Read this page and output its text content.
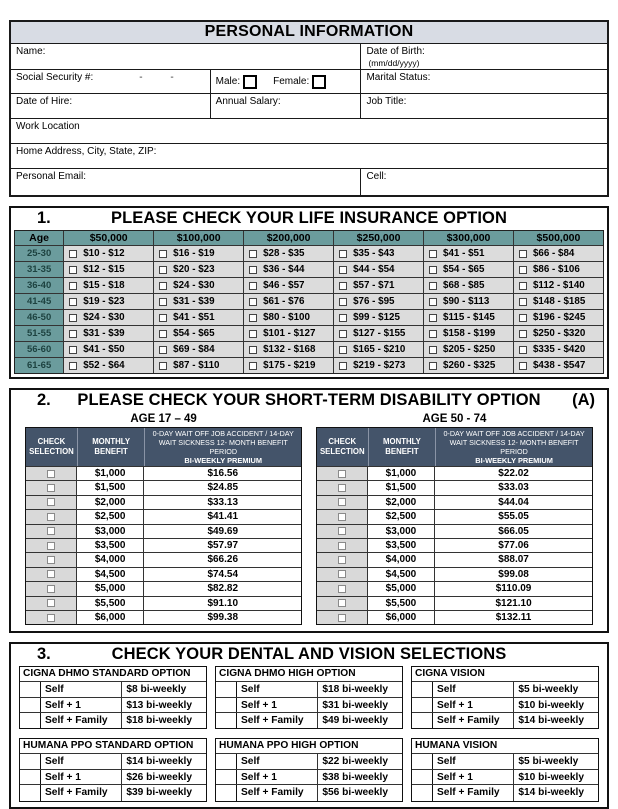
PERSONAL INFORMATION
Name:	Date of Birth:
(mm/dd/yyyy)
Social Security #:	-          -	Male:	Female:	Marital Status:
Date of Hire:	Annual Salary:	Job Title:
Work Location
Home Address, City, State, ZIP:
Personal Email:	Cell:
1.	PLEASE CHECK YOUR LIFE INSURANCE OPTION
Age	$50,000	$100,000	$200,000	$250,000	$300,000	$500,000
25-30	$10 - $12	$16 - $19	$28 - $35	$35 - $43	$41 - $51	$66 - $84
31-35	$12 - $15	$20 - $23	$36 - $44	$44 - $54	$54 - $65	$86 - $106
36-40	$15 - $18	$24 - $30	$46 - $57	$57 - $71	$68 - $85	$112 - $140
41-45	$19 - $23	$31 - $39	$61 - $76	$76 - $95	$90 - $113	$148 - $185
46-50	$24 - $30	$41 - $51	$80 - $100	$99 - $125	$115 - $145	$196 - $245
51-55	$31 - $39	$54 - $65	$101 - $127	$127 - $155	$158 - $199	$250 - $320
56-60	$41 - $50	$69 - $84	$132 - $168	$165 - $210	$205 - $250	$335 - $420
61-65	$52 - $64	$87 - $110	$175 - $219	$219 - $273	$260 - $325	$438 - $547
2.	PLEASE CHECK YOUR SHORT-TERM DISABILITY OPTION	(A)
AGE 17 – 49
CHECK SELECTION
MONTHLY BENEFIT
0-DAY WAIT OFF JOB ACCIDENT / 14-DAY WAIT SICKNESS 12- MONTH BENEFIT PERIOD
BI-WEEKLY PREMIUM
$1,000	$16.56
$1,500	$24.85
$2,000	$33.13
$2,500	$41.41
$3,000	$49.69
$3,500	$57.97
$4,000	$66.26
$4,500	$74.54
$5,000	$82.82
$5,500	$91.10
$6,000	$99.38
AGE 50 - 74
CHECK SELECTION
MONTHLY BENEFIT
0-DAY WAIT OFF JOB ACCIDENT / 14-DAY WAIT SICKNESS 12- MONTH BENEFIT PERIOD
BI-WEEKLY PREMIUM
$1,000	$22.02
$1,500	$33.03
$2,000	$44.04
$2,500	$55.05
$3,000	$66.05
$3,500	$77.06
$4,000	$88.07
$4,500	$99.08
$5,000	$110.09
$5,500	$121.10
$6,000	$132.11
3.	CHECK YOUR DENTAL AND VISION SELECTIONS
CIGNA DHMO STANDARD OPTION
Self	$8 bi-weekly
Self + 1	$13 bi-weekly
Self + Family	$18 bi-weekly
CIGNA DHMO HIGH OPTION
Self	$18 bi-weekly
Self + 1	$31 bi-weekly
Self + Family	$49 bi-weekly
CIGNA VISION
Self	$5 bi-weekly
Self + 1	$10 bi-weekly
Self + Family	$14 bi-weekly
HUMANA PPO STANDARD OPTION
Self	$14 bi-weekly
Self + 1	$26 bi-weekly
Self + Family	$39 bi-weekly
HUMANA PPO HIGH OPTION
Self	$22 bi-weekly
Self + 1	$38 bi-weekly
Self + Family	$56 bi-weekly
HUMANA VISION
Self	$5 bi-weekly
Self + 1	$10 bi-weekly
Self + Family	$14 bi-weekly
